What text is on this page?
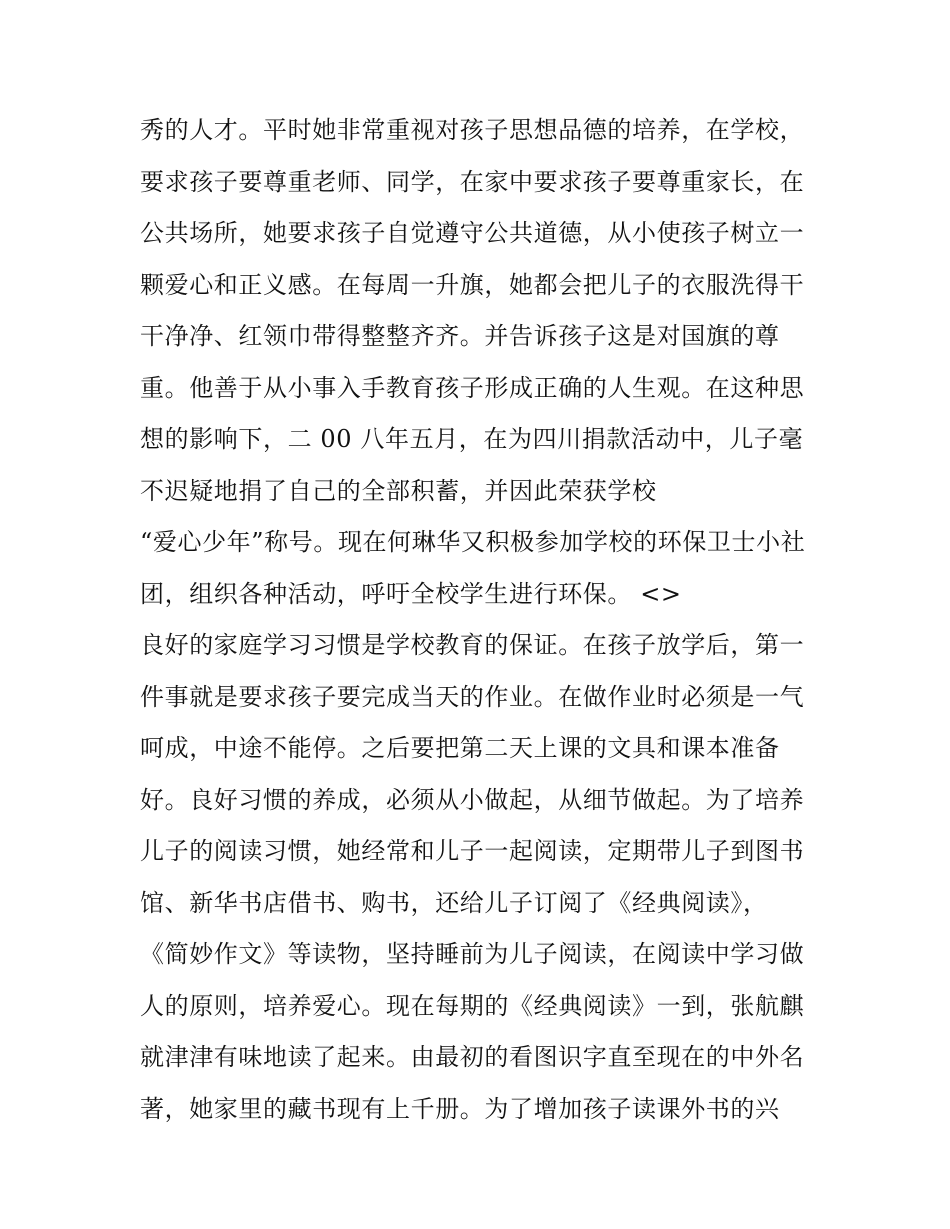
秀的人才。平时她非常重视对孩子思想品德的培养，在学校，
要求孩子要尊重老师、同学，在家中要求孩子要尊重家长，在
公共场所，她要求孩子自觉遵守公共道德，从小使孩子树立一
颗爱心和正义感。在每周一升旗，她都会把儿子的衣服洗得干
干净净、红领巾带得整整齐齐。并告诉孩子这是对国旗的尊
重。他善于从小事入手教育孩子形成正确的人生观。在这种思
想的影响下，二 00 八年五月，在为四川捐款活动中，儿子毫
不迟疑地捐了自己的全部积蓄，并因此荣获学校
“爱心少年”称号。现在何琳华又积极参加学校的环保卫士小社
团，组织各种活动，呼吁全校学生进行环保。 <>
良好的家庭学习习惯是学校教育的保证。在孩子放学后，第一
件事就是要求孩子要完成当天的作业。在做作业时必须是一气
呵成，中途不能停。之后要把第二天上课的文具和课本准备
好。良好习惯的养成，必须从小做起，从细节做起。为了培养
儿子的阅读习惯，她经常和儿子一起阅读，定期带儿子到图书
馆、新华书店借书、购书，还给儿子订阅了《经典阅读》，
《简妙作文》等读物，坚持睡前为儿子阅读，在阅读中学习做
人的原则，培养爱心。现在每期的《经典阅读》一到，张航麒
就津津有味地读了起来。由最初的看图识字直至现在的中外名
著，她家里的藏书现有上千册。为了增加孩子读课外书的兴
